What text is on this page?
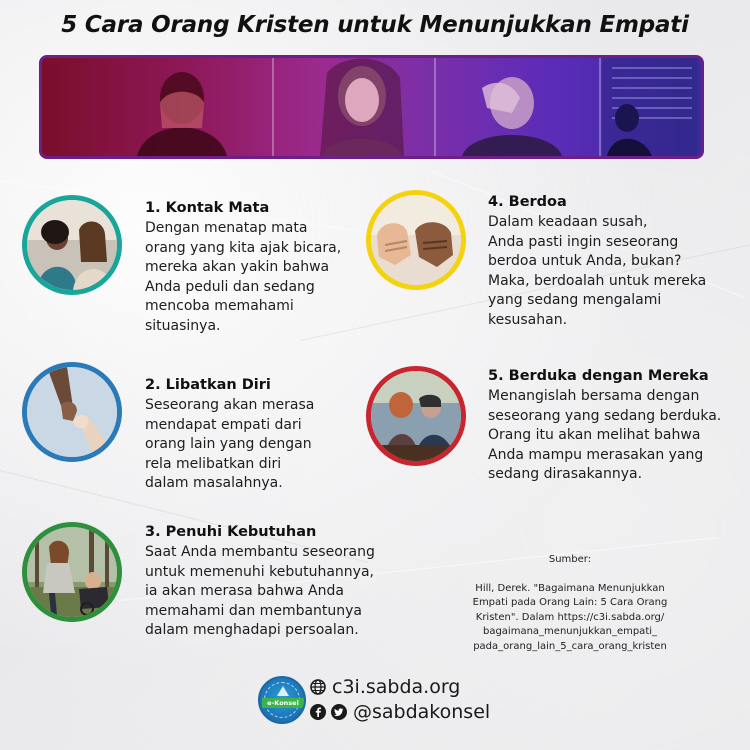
5 Cara Orang Kristen untuk Menunjukkan Empati
1. Kontak Mata

Dengan menatap mata
orang yang kita ajak bicara,
mereka akan yakin bahwa
Anda peduli dan sedang
mencoba memahami
situasinya.

2. Libatkan Diri

Seseorang akan merasa
mendapat empati dari
orang lain yang dengan
rela melibatkan diri
dalam masalahnya.

3. Penuhi Kebutuhan

Saat Anda membantu seseorang
untuk memenuhi kebutuhannya,
ia akan merasa bahwa Anda
memahami dan membantunya
dalam menghadapi persoalan.

4. Berdoa

Dalam keadaan susah,
Anda pasti ingin seseorang
berdoa untuk Anda, bukan?
Maka, berdoalah untuk mereka
yang sedang mengalami
kesusahan.

5. Berduka dengan Mereka

Menangislah bersama dengan
seseorang yang sedang berduka.
Orang itu akan melihat bahwa
Anda mampu merasakan yang
sedang dirasakannya.

Sumber:

Hill, Derek. "Bagaimana Menunjukkan
Empati pada Orang Lain: 5 Cara Orang
Kristen". Dalam https://c3i.sabda.org/
bagaimana_menunjukkan_empati_
pada_orang_lain_5_cara_orang_kristen

e-Konsel
c3i.sabda.org
@sabdakonsel
